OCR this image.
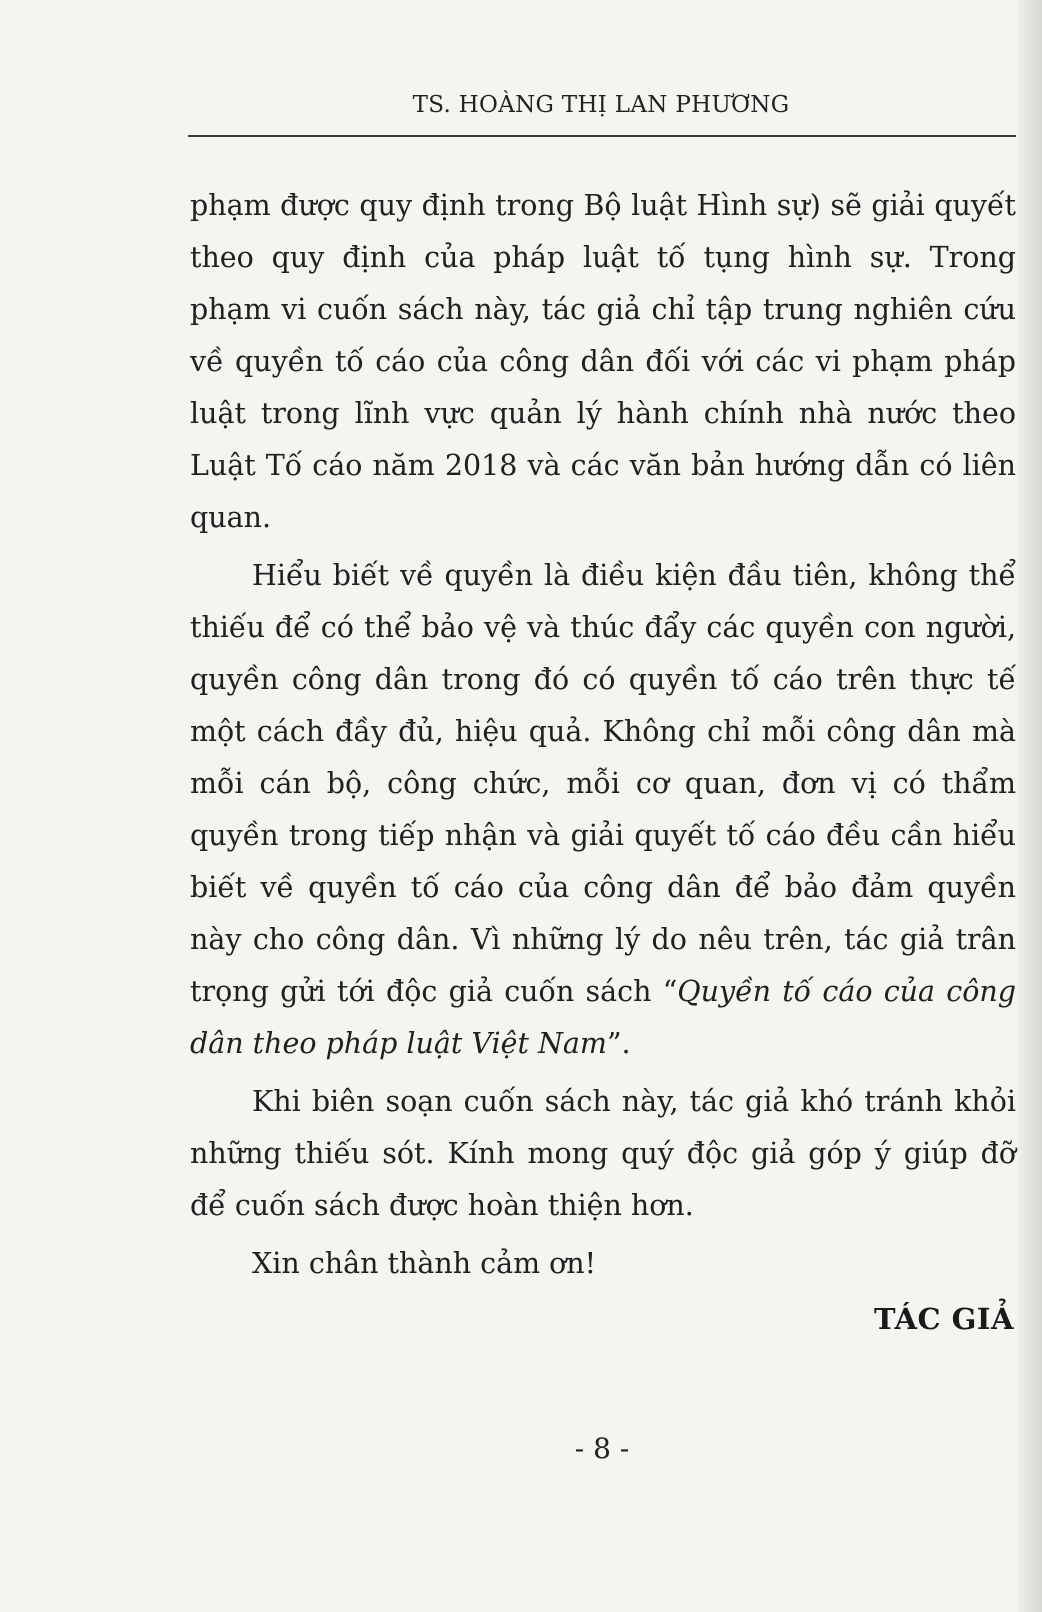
TS. HOÀNG THỊ LAN PHƯƠNG

phạm được quy định trong Bộ luật Hình sự) sẽ giải quyết theo quy định của pháp luật tố tụng hình sự. Trong phạm vi cuốn sách này, tác giả chỉ tập trung nghiên cứu về quyền tố cáo của công dân đối với các vi phạm pháp luật trong lĩnh vực quản lý hành chính nhà nước theo Luật Tố cáo năm 2018 và các văn bản hướng dẫn có liên quan.

Hiểu biết về quyền là điều kiện đầu tiên, không thể thiếu để có thể bảo vệ và thúc đẩy các quyền con người, quyền công dân trong đó có quyền tố cáo trên thực tế một cách đầy đủ, hiệu quả. Không chỉ mỗi công dân mà mỗi cán bộ, công chức, mỗi cơ quan, đơn vị có thẩm quyền trong tiếp nhận và giải quyết tố cáo đều cần hiểu biết về quyền tố cáo của công dân để bảo đảm quyền này cho công dân. Vì những lý do nêu trên, tác giả trân trọng gửi tới độc giả cuốn sách “Quyền tố cáo của công dân theo pháp luật Việt Nam”.

Khi biên soạn cuốn sách này, tác giả khó tránh khỏi những thiếu sót. Kính mong quý độc giả góp ý giúp đỡ để cuốn sách được hoàn thiện hơn.

Xin chân thành cảm ơn!

TÁC GIẢ
- 8 -
